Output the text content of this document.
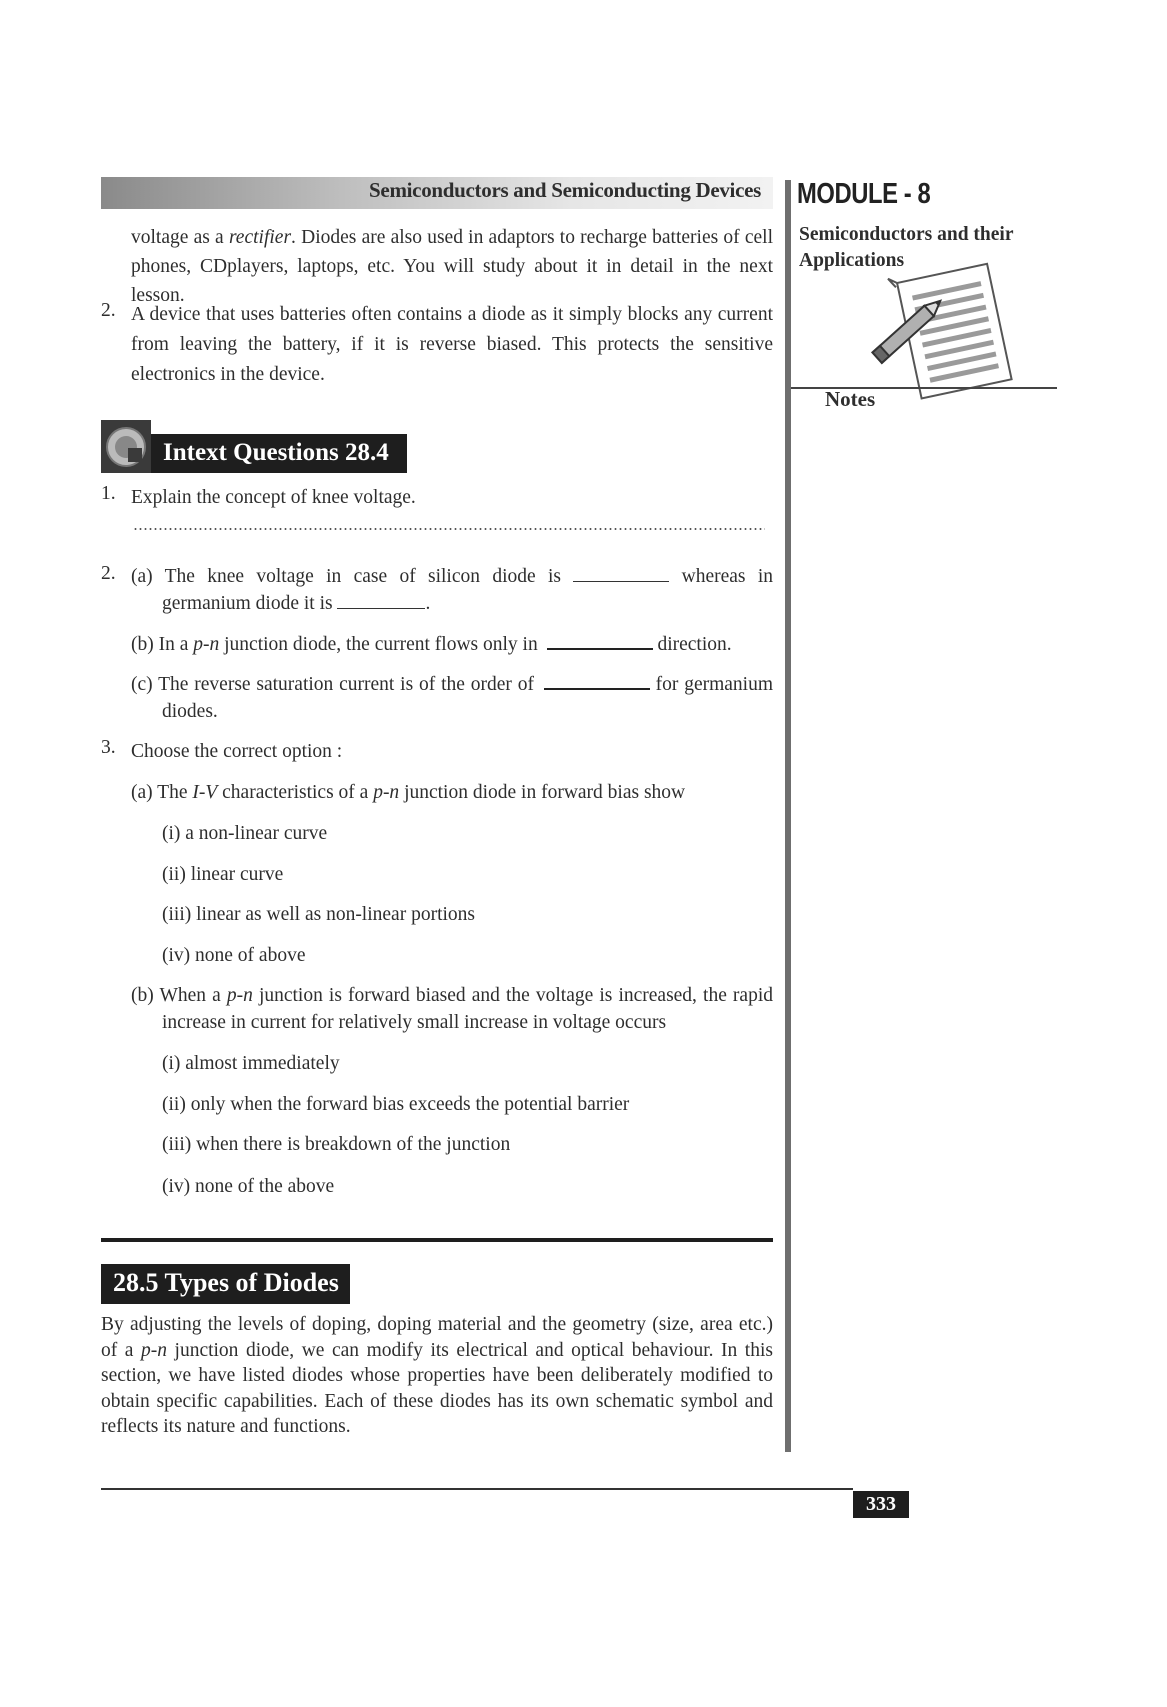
Semiconductors and Semiconducting Devices MODULE - 8
Semiconductors and their Applications
Notes
voltage as a rectifier. Diodes are also used in adaptors to recharge batteries of cell phones, CDplayers, laptops, etc. You will study about it in detail in the next lesson.
2. A device that uses batteries often contains a diode as it simply blocks any current from leaving the battery, if it is reverse biased. This protects the sensitive electronics in the device.
Intext Questions 28.4
1. Explain the concept of knee voltage.
2. (a) The knee voltage in case of silicon diode is	whereas in germanium diode it is	.
(b) In a p-n junction diode, the current flows only in	direction.
(c) The reverse saturation current is of the order of	for germanium diodes.
3. Choose the correct option :
(a) The I-V characteristics of a p-n junction diode in forward bias show
(i) a non-linear curve
(ii) linear curve
(iii) linear as well as non-linear portions
(iv) none of above
(b) When a p-n junction is forward biased and the voltage is increased, the rapid increase in current for relatively small increase in voltage occurs
(i) almost immediately
(ii) only when the forward bias exceeds the potential barrier
(iii) when there is breakdown of the junction
(iv) none of the above
28.5 Types of Diodes
By adjusting the levels of doping, doping material and the geometry (size, area etc.) of a p-n junction diode, we can modify its electrical and optical behaviour. In this section, we have listed diodes whose properties have been deliberately modified to obtain specific capabilities. Each of these diodes has its own schematic symbol and reflects its nature and functions.
333
